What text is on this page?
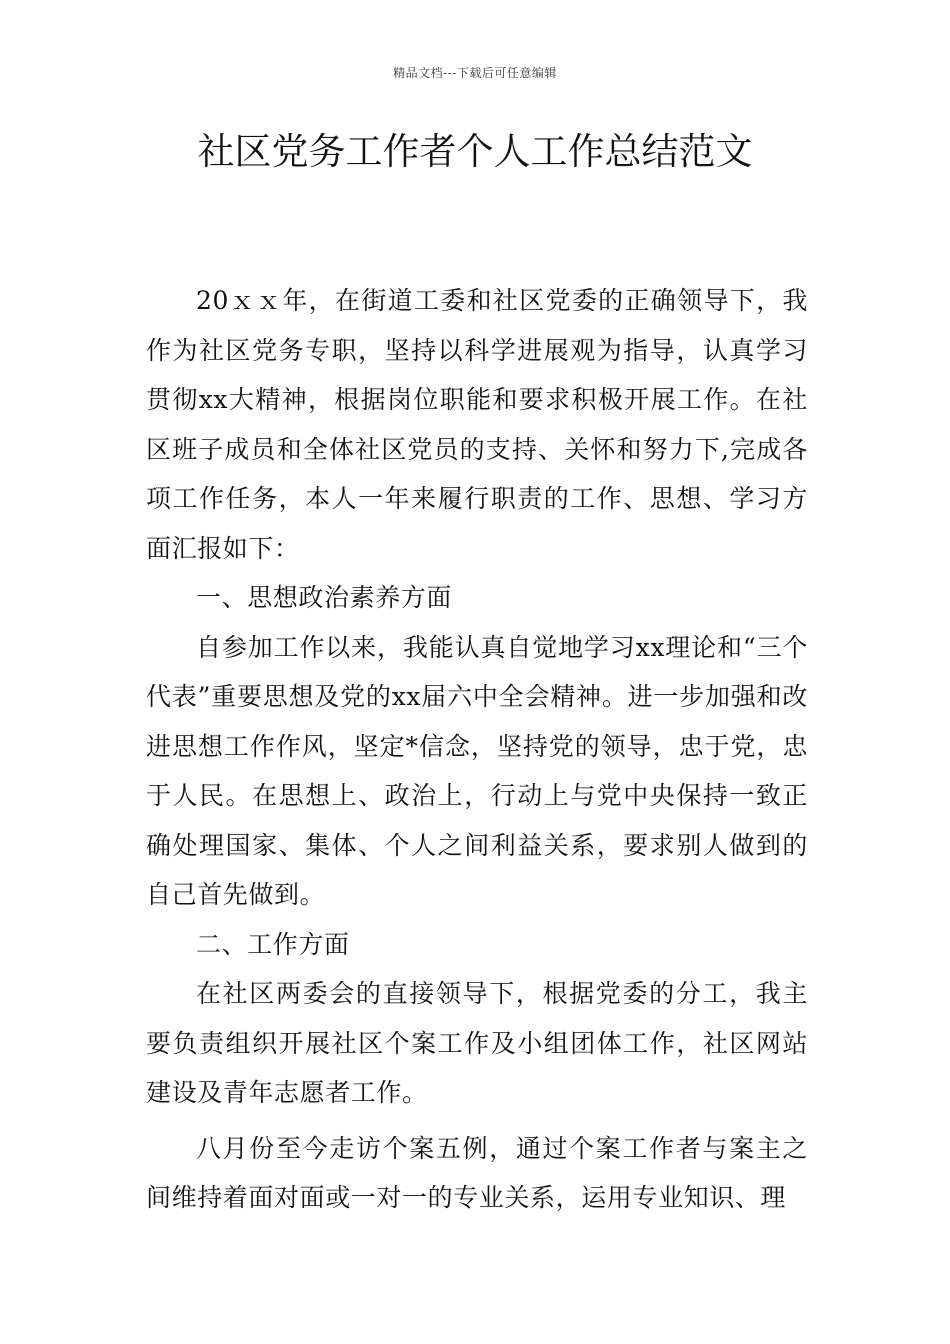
精品文档---下载后可任意编辑
社区党务工作者个人工作总结范文

20ｘｘ年，在街道工委和社区党委的正确领导下，我作为社区党务专职，坚持以科学进展观为指导，认真学习贯彻xx大精神，根据岗位职能和要求积极开展工作。在社区班子成员和全体社区党员的支持、关怀和努力下,完成各项工作任务，本人一年来履行职责的工作、思想、学习方面汇报如下：

一、思想政治素养方面

自参加工作以来，我能认真自觉地学习xx理论和“三个代表”重要思想及党的xx届六中全会精神。进一步加强和改进思想工作作风，坚定*信念，坚持党的领导，忠于党，忠于人民。在思想上、政治上，行动上与党中央保持一致正确处理国家、集体、个人之间利益关系，要求别人做到的自己首先做到。

二、工作方面

在社区两委会的直接领导下，根据党委的分工，我主要负责组织开展社区个案工作及小组团体工作，社区网站建设及青年志愿者工作。

八月份至今走访个案五例，通过个案工作者与案主之间维持着面对面或一对一的专业关系，运用专业知识、理
